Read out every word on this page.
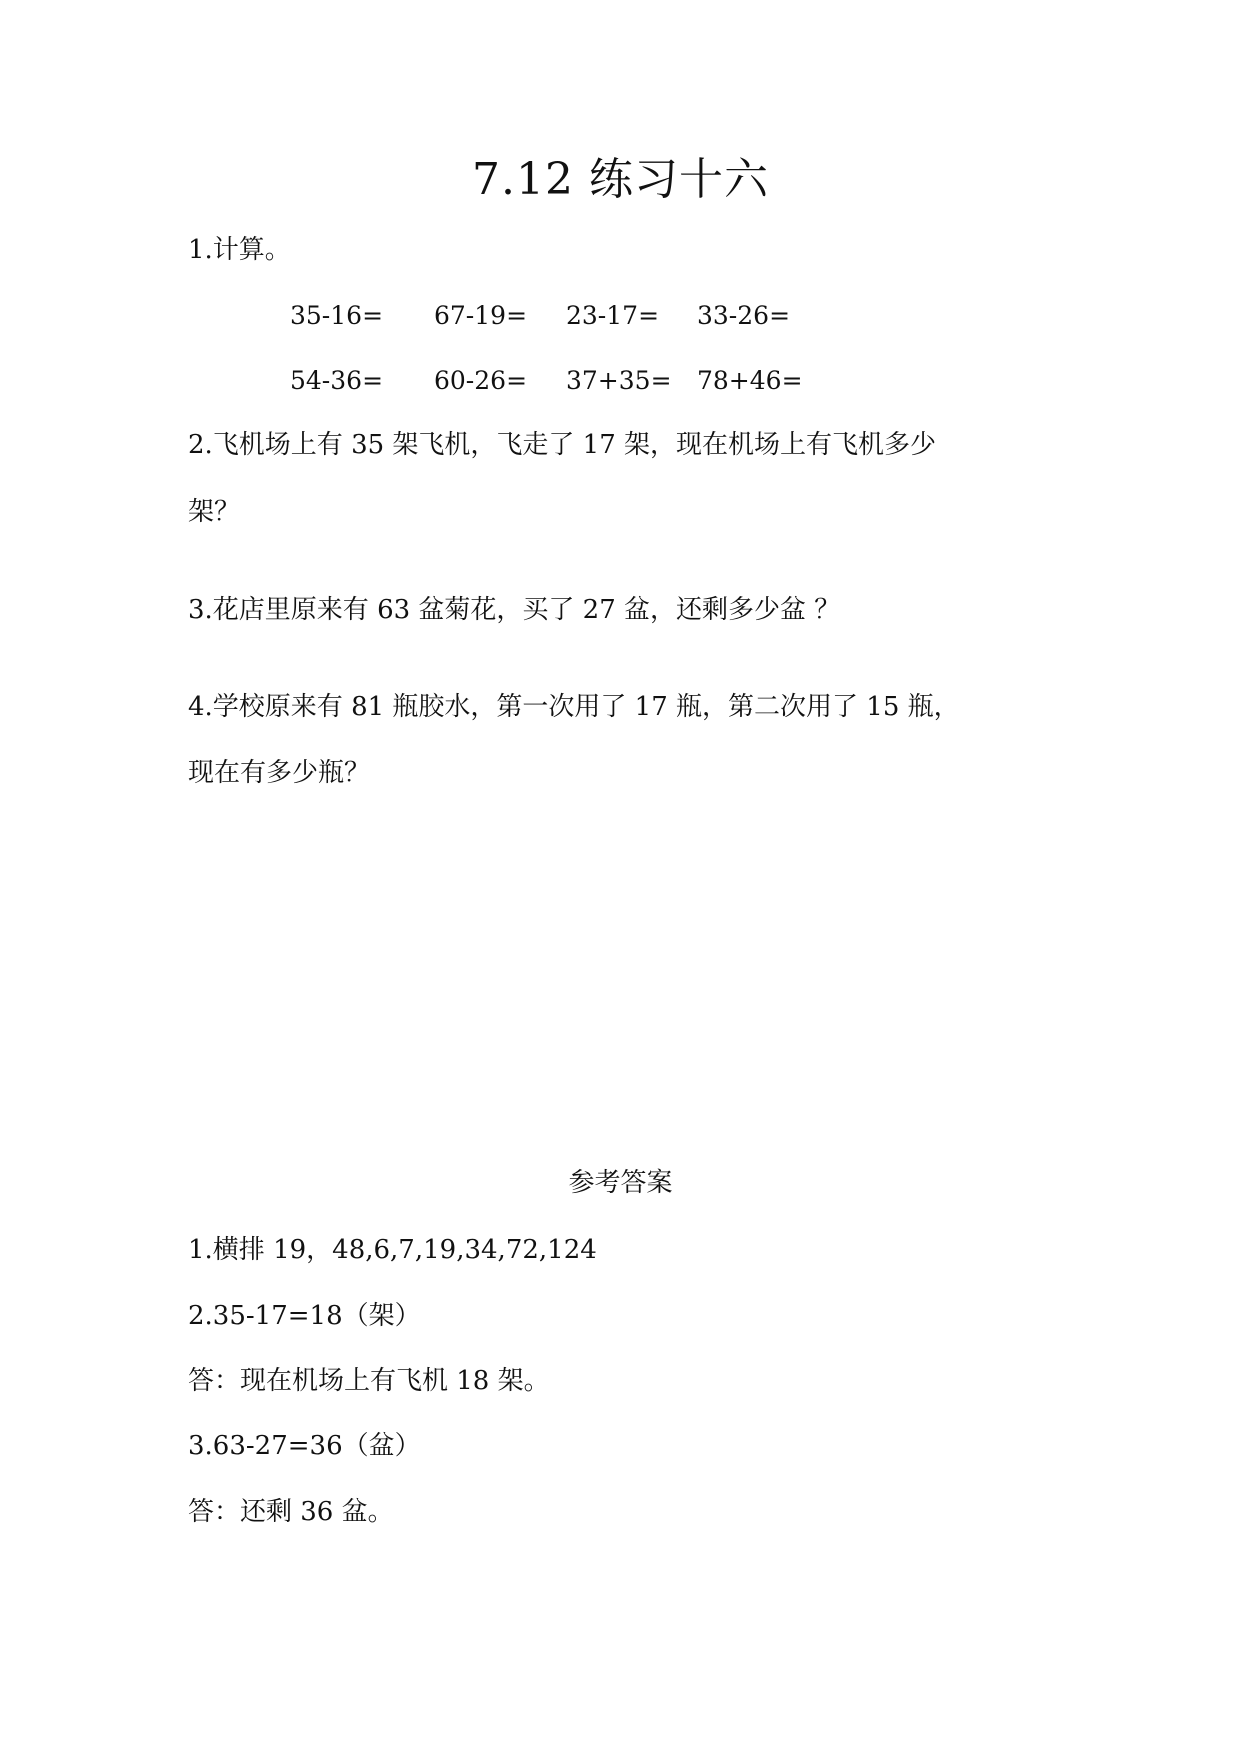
7.12 练习十六
1.计算。
35-16= 67-19= 23-17= 33-26=
54-36= 60-26= 37+35= 78+46=
2.飞机场上有 35 架飞机，飞走了 17 架，现在机场上有飞机多少
架？
3.花店里原来有 63 盆菊花，买了 27 盆，还剩多少盆 ？
4.学校原来有 81 瓶胶水，第一次用了 17 瓶，第二次用了 15 瓶，
现在有多少瓶？
参考答案
1.横排 19，48,6,7,19,34,72,124
2.35-17=18（架）
答：现在机场上有飞机 18 架。
3.63-27=36（盆）
答：还剩 36 盆。
